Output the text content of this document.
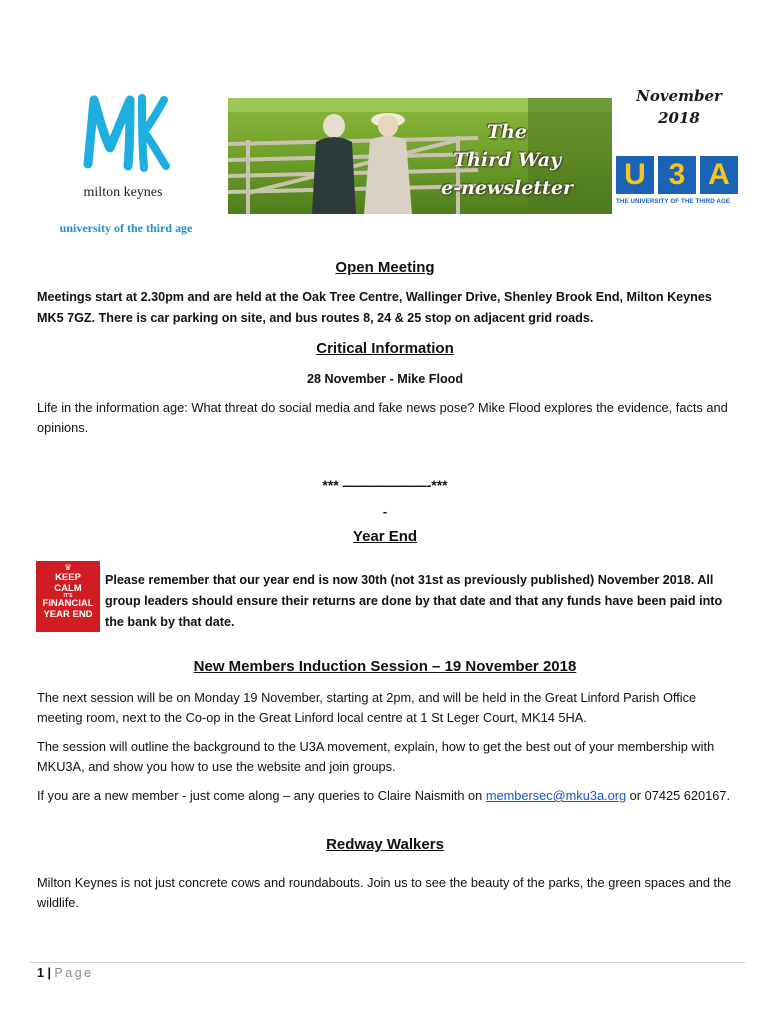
milton keynes
university of the third age
The
Third Way
e-newsletter
November
2018
U 3 A
THE UNIVERSITY OF THE THIRD AGE
Open Meeting
Meetings start at 2.30pm and are held at the Oak Tree Centre, Wallinger Drive, Shenley Brook End, Milton Keynes MK5 7GZ. There is car parking on site, and bus routes 8, 24 & 25 stop on adjacent grid roads.
Critical Information
28 November - Mike Flood
Life in the information age: What threat do social media and fake news pose? Mike Flood explores the evidence, facts and opinions.
*** ——————-***
-
Year End
♛
KEEP
CALM
IT'S
FINANCIAL
YEAR END
Please remember that our year end is now 30th (not 31st as previously published) November 2018. All group leaders should ensure their returns are done by that date and that any funds have been paid into the bank by that date.
New Members Induction Session – 19 November 2018
The next session will be on Monday 19 November, starting at 2pm, and will be held in the Great Linford Parish Office meeting room, next to the Co-op in the Great Linford local centre at 1 St Leger Court, MK14 5HA.
The session will outline the background to the U3A movement, explain, how to get the best out of your membership with MKU3A, and show you how to use the website and join groups.
If you are a new member - just come along – any queries to Claire Naismith on membersec@mku3a.org or 07425 620167.
Redway Walkers
Milton Keynes is not just concrete cows and roundabouts. Join us to see the beauty of the parks, the green spaces and the wildlife.
1 | Page
